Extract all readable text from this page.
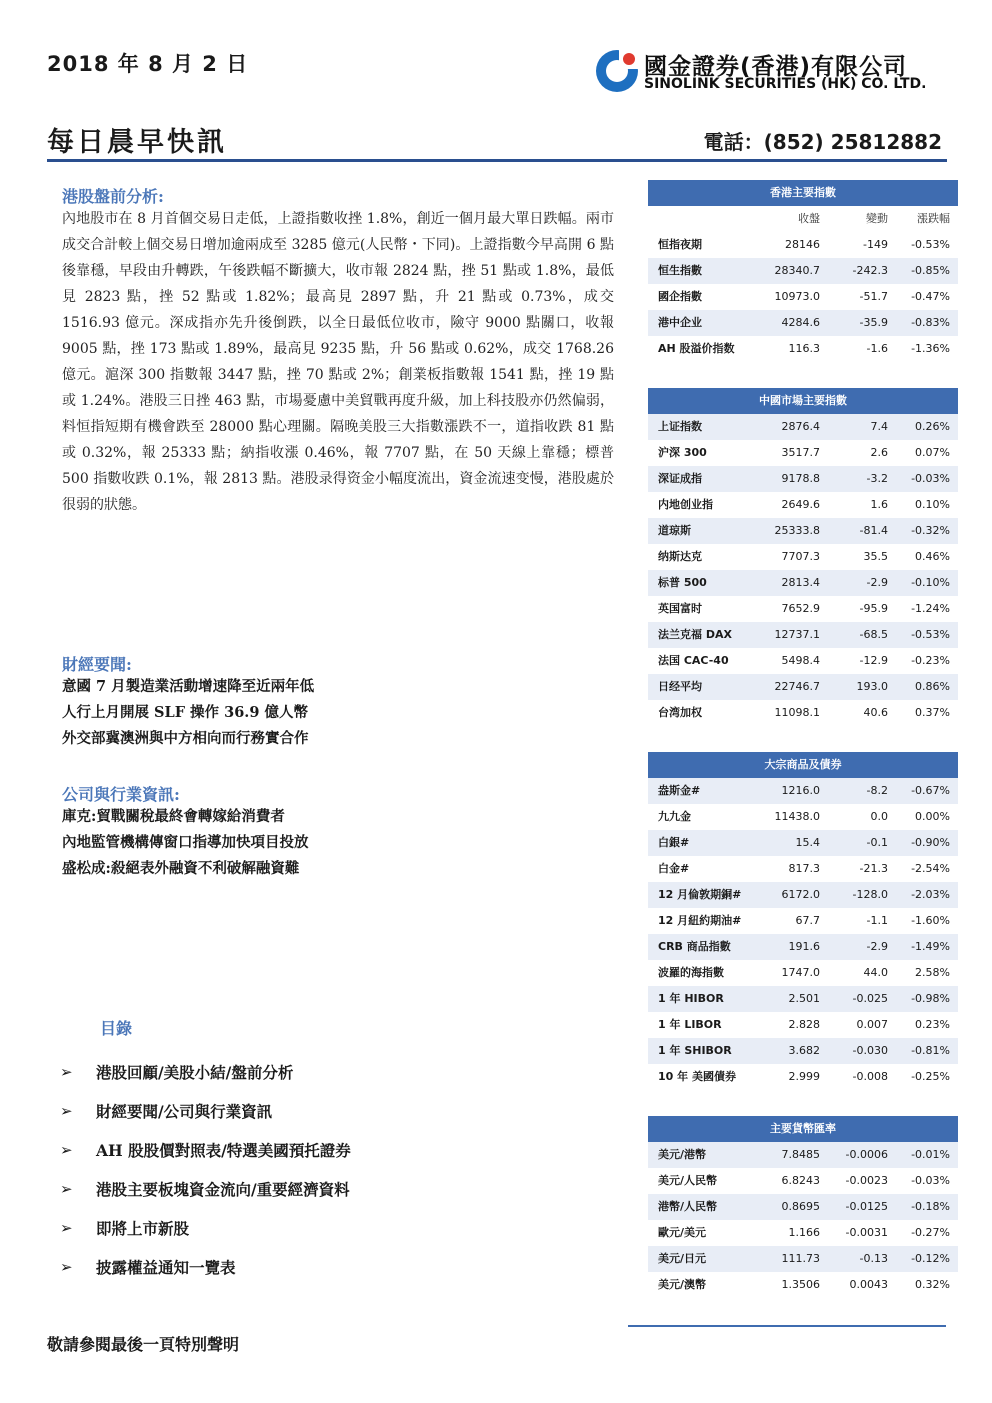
2018 年 8 月 2 日	國金證券(香港)有限公司
SINOLINK SECURITIES (HK) CO. LTD.
每日晨早快訊	電話：(852) 25812882
港股盤前分析:
內地股市在 8 月首個交易日走低，上證指數收挫 1.8%，創近一個月最大單日跌幅。兩市成交合計較上個交易日增加逾兩成至 3285 億元(人民幣・下同)。上證指數今早高開 6 點後靠穩，早段由升轉跌，午後跌幅不斷擴大，收市報 2824 點，挫 51 點或 1.8%，最低見 2823 點，挫 52 點或 1.82%；最高見 2897 點，升 21 點或 0.73%，成交 1516.93 億元。深成指亦先升後倒跌，以全日最低位收市，險守 9000 點關口，收報 9005 點，挫 173 點或 1.89%，最高見 9235 點，升 56 點或 0.62%，成交 1768.26 億元。滬深 300 指數報 3447 點，挫 70 點或 2%；創業板指數報 1541 點，挫 19 點或 1.24%。港股三日挫 463 點，市場憂慮中美貿戰再度升級，加上科技股亦仍然偏弱，料恒指短期有機會跌至 28000 點心理關。隔晚美股三大指數漲跌不一，道指收跌 81 點或 0.32%，報 25333 點；納指收漲 0.46%，報 7707 點，在 50 天線上靠穩；標普 500 指數收跌 0.1%，報 2813 點。港股录得资金小幅度流出，資金流速变慢，港股處於很弱的狀態。
財經要聞:
意國 7 月製造業活動增速降至近兩年低
人行上月開展 SLF 操作 36.9 億人幣
外交部冀澳洲與中方相向而行務實合作
公司與行業資訊:
庫克:貿戰關稅最終會轉嫁給消費者
內地監管機構傳窗口指導加快項目投放
盛松成:殺絕表外融資不利破解融資難
目錄
➢	港股回顧/美股小結/盤前分析
➢	財經要聞/公司與行業資訊
➢	AH 股股價對照表/特選美國預托證券
➢	港股主要板塊資金流向/重要經濟資料
➢	即將上市新股
➢	披露權益通知一覽表
香港主要指數
收盤	變動	漲跌幅
恒指夜期	28146	-149	-0.53%
恒生指數	28340.7	-242.3	-0.85%
國企指數	10973.0	-51.7	-0.47%
港中企业	4284.6	-35.9	-0.83%
AH 股溢价指数	116.3	-1.6	-1.36%
中國市場主要指數
上证指数	2876.4	7.4	0.26%
沪深 300	3517.7	2.6	0.07%
深证成指	9178.8	-3.2	-0.03%
内地创业指	2649.6	1.6	0.10%
道琼斯	25333.8	-81.4	-0.32%
纳斯达克	7707.3	35.5	0.46%
标普 500	2813.4	-2.9	-0.10%
英国富时	7652.9	-95.9	-1.24%
法兰克福 DAX	12737.1	-68.5	-0.53%
法国 CAC-40	5498.4	-12.9	-0.23%
日经平均	22746.7	193.0	0.86%
台湾加权	11098.1	40.6	0.37%
大宗商品及債券
盎斯金#	1216.0	-8.2	-0.67%
九九金	11438.0	0.0	0.00%
白銀#	15.4	-0.1	-0.90%
白金#	817.3	-21.3	-2.54%
12 月倫敦期銅#	6172.0	-128.0	-2.03%
12 月紐約期油#	67.7	-1.1	-1.60%
CRB 商品指數	191.6	-2.9	-1.49%
波羅的海指數	1747.0	44.0	2.58%
1 年 HIBOR	2.501	-0.025	-0.98%
1 年 LIBOR	2.828	0.007	0.23%
1 年 SHIBOR	3.682	-0.030	-0.81%
10 年 美國債券	2.999	-0.008	-0.25%
主要貨幣匯率
美元/港幣	7.8485	-0.0006	-0.01%
美元/人民幣	6.8243	-0.0023	-0.03%
港幣/人民幣	0.8695	-0.0125	-0.18%
歐元/美元	1.166	-0.0031	-0.27%
美元/日元	111.73	-0.13	-0.12%
美元/澳幣	1.3506	0.0043	0.32%
敬請參閱最後一頁特別聲明
